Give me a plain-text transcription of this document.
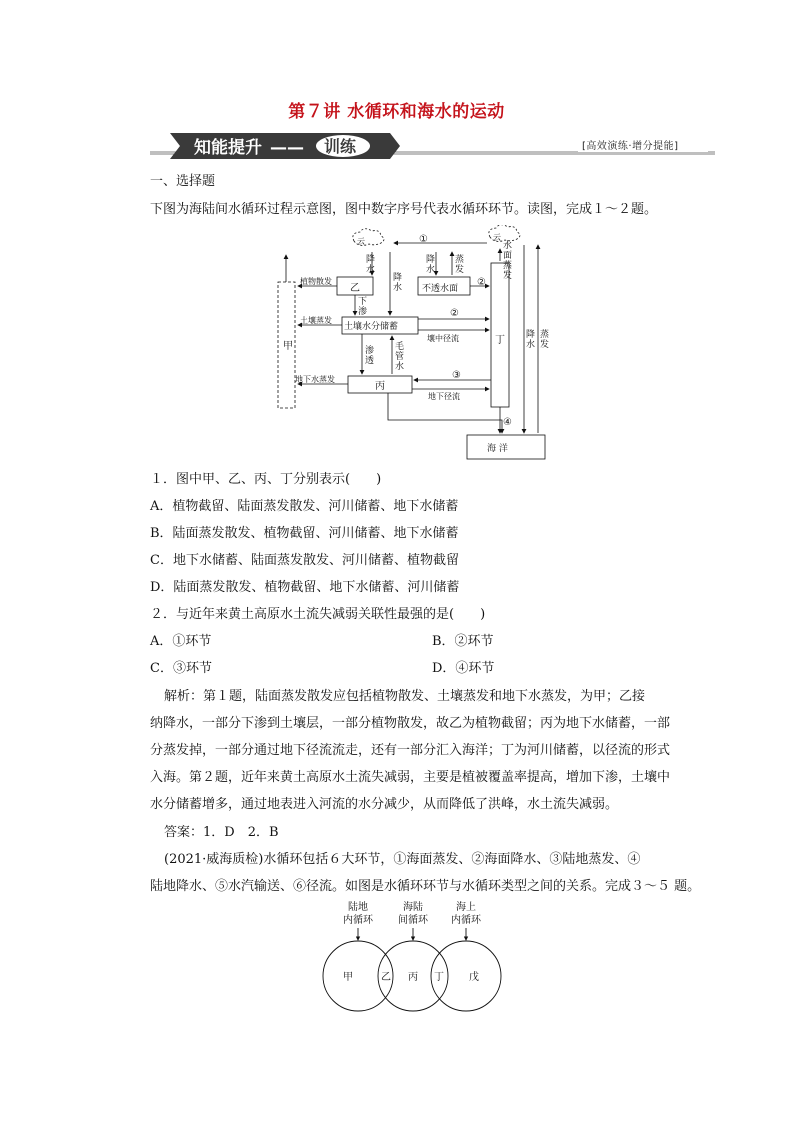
第７讲 水循环和海水的运动
知能提升 —— 训练	[高效演练·增分提能]
一、选择题
下图为海陆间水循环过程示意图，图中数字序号代表水循环环节。读图，完成１～２题。
云	云
①
甲
乙	不透水面
土壤水分储蓄
丙
丁
海 洋
植物散发
土壤蒸发
地下水蒸发
②
②
壤中径流
③
地下径流
④
降
水
降
水
降
水
蒸
发
下
渗
渗
透
毛
管
水
水
面
蒸
发
降
水
蒸
发
１．图中甲、乙、丙、丁分别表示(　　)
A．植物截留、陆面蒸发散发、河川储蓄、地下水储蓄
B．陆面蒸发散发、植物截留、河川储蓄、地下水储蓄
C．地下水储蓄、陆面蒸发散发、河川储蓄、植物截留
D．陆面蒸发散发、植物截留、地下水储蓄、河川储蓄
２．与近年来黄土高原水土流失减弱关联性最强的是(　　)
A．①环节	B．②环节
C．③环节	D．④环节
解析：第１题，陆面蒸发散发应包括植物散发、土壤蒸发和地下水蒸发，为甲；乙接
纳降水，一部分下渗到土壤层，一部分植物散发，故乙为植物截留；丙为地下水储蓄，一部
分蒸发掉，一部分通过地下径流流走，还有一部分汇入海洋；丁为河川储蓄，以径流的形式
入海。第２题，近年来黄土高原水土流失减弱，主要是植被覆盖率提高，增加下渗，土壤中
水分储蓄增多，通过地表进入河流的水分减少，从而降低了洪峰，水土流失减弱。
答案：1．D　2．B
(2021·威海质检)水循环包括６大环节，①海面蒸发、②海面降水、③陆地蒸发、④
陆地降水、⑤水汽输送、⑥径流。如图是水循环环节与水循环类型之间的关系。完成３～５ 题。
陆地
内循环
海陆
间循环
海上
内循环
甲	乙 丙 丁	戊
